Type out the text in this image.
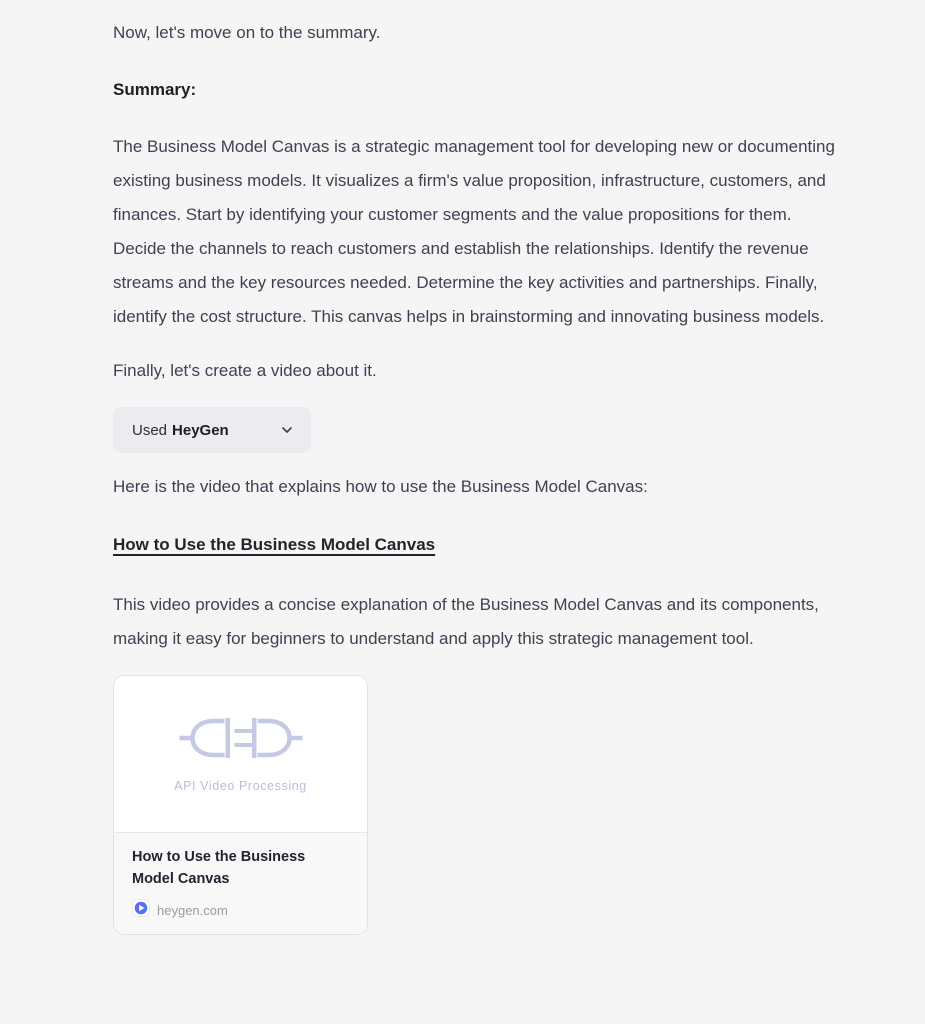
Now, let's move on to the summary.

Summary:

The Business Model Canvas is a strategic management tool for developing new or documenting existing business models. It visualizes a firm's value proposition, infrastructure, customers, and finances. Start by identifying your customer segments and the value propositions for them. Decide the channels to reach customers and establish the relationships. Identify the revenue streams and the key resources needed. Determine the key activities and partnerships. Finally, identify the cost structure. This canvas helps in brainstorming and innovating business models.

Finally, let's create a video about it.

Used HeyGen

Here is the video that explains how to use the Business Model Canvas:

How to Use the Business Model Canvas

This video provides a concise explanation of the Business Model Canvas and its components, making it easy for beginners to understand and apply this strategic management tool.

API Video Processing
How to Use the Business Model Canvas
heygen.com
